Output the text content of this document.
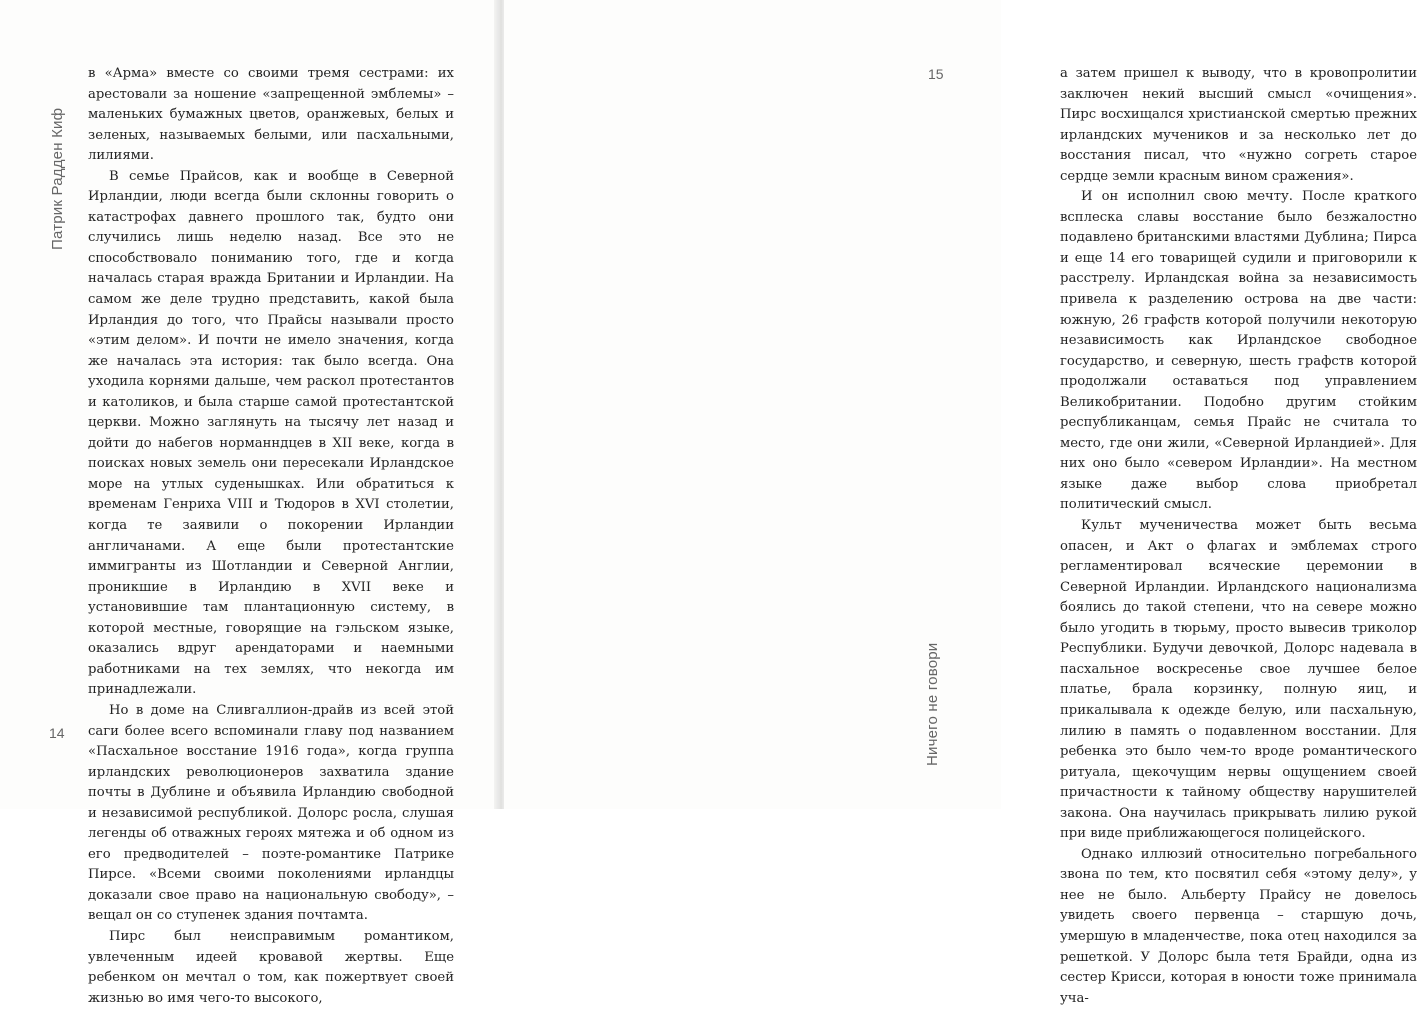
Патрик Радден Киф

в «Арма» вместе со своими тремя сестрами: их арестовали за ношение «запрещенной эмблемы» – маленьких бумажных цветов, оранжевых, белых и зеленых, называемых белыми, или пасхальными, лилиями.

В семье Прайсов, как и вообще в Северной Ирландии, люди всегда были склонны говорить о катастрофах давнего прошлого так, будто они случились лишь неделю назад. Все это не способствовало пониманию того, где и когда началась старая вражда Британии и Ирландии. На самом же деле трудно представить, какой была Ирландия до того, что Прайсы называли просто «этим делом». И почти не имело значения, когда же началась эта история: так было всегда. Она уходила корнями дальше, чем раскол протестантов и католиков, и была старше самой протестантской церкви. Можно заглянуть на тысячу лет назад и дойти до набегов норманндцев в XII веке, когда в поисках новых земель они пересекали Ирландское море на утлых суденышках. Или обратиться к временам Генриха VIII и Тюдоров в XVI столетии, когда те заявили о покорении Ирландии англичанами. А еще были протестантские иммигранты из Шотландии и Северной Англии, проникшие в Ирландию в XVII веке и установившие там плантационную систему, в которой местные, говорящие на гэльском языке, оказались вдруг арендаторами и наемными работниками на тех землях, что некогда им принадлежали.

Но в доме на Сливгаллион-драйв из всей этой саги более всего вспоминали главу под названием «Пасхальное восстание 1916 года», когда группа ирландских революционеров захватила здание почты в Дублине и объявила Ирландию свободной и независимой республикой. Долорс росла, слушая легенды об отважных героях мятежа и об одном из его предводителей – поэте-романтике Патрике Пирсе. «Всеми своими поколениями ирландцы доказали свое право на национальную свободу», – вещал он со ступенек здания почтамта.

Пирс был неисправимым романтиком, увлеченным идеей кровавой жертвы. Еще ребенком он мечтал о том, как пожертвует своей жизнью во имя чего-то высокого,

14

а затем пришел к выводу, что в кровопролитии заключен некий высший смысл «очищения». Пирс восхищался христианской смертью прежних ирландских мучеников и за несколько лет до восстания писал, что «нужно согреть старое сердце земли красным вином сражения».

И он исполнил свою мечту. После краткого всплеска славы восстание было безжалостно подавлено британскими властями Дублина; Пирса и еще 14 его товарищей судили и приговорили к расстрелу. Ирландская война за независимость привела к разделению острова на две части: южную, 26 графств которой получили некоторую независимость как Ирландское свободное государство, и северную, шесть графств которой продолжали оставаться под управлением Великобритании. Подобно другим стойким республиканцам, семья Прайс не считала то место, где они жили, «Северной Ирландией». Для них оно было «севером Ирландии». На местном языке даже выбор слова приобретал политический смысл.

Культ мученичества может быть весьма опасен, и Акт о флагах и эмблемах строго регламентировал всяческие церемонии в Северной Ирландии. Ирландского национализма боялись до такой степени, что на севере можно было угодить в тюрьму, просто вывесив триколор Республики. Будучи девочкой, Долорс надевала в пасхальное воскресенье свое лучшее белое платье, брала корзинку, полную яиц, и прикалывала к одежде белую, или пасхальную, лилию в память о подавленном восстании. Для ребенка это было чем-то вроде романтического ритуала, щекочущим нервы ощущением своей причастности к тайному обществу нарушителей закона. Она научилась прикрывать лилию рукой при виде приближающегося полицейского.

Однако иллюзий относительно погребального звона по тем, кто посвятил себя «этому делу», у нее не было. Альберту Прайсу не довелось увидеть своего первенца – старшую дочь, умершую в младенчестве, пока отец находился за решеткой. У Долорс была тетя Брайди, одна из сестер Крисси, которая в юности тоже принимала уча-

15
Ничего не говори
